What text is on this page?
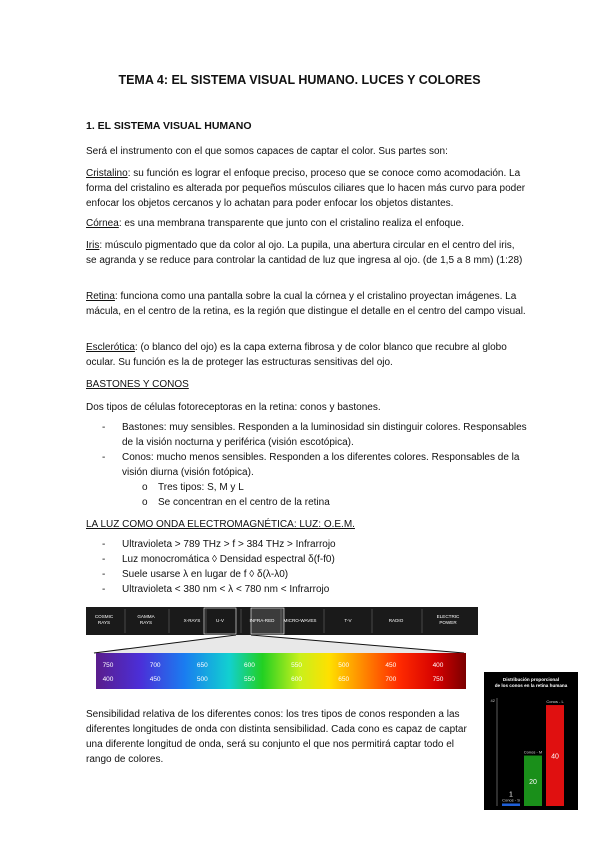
TEMA 4: EL SISTEMA VISUAL HUMANO. LUCES Y COLORES
1. EL SISTEMA VISUAL HUMANO
Será el instrumento con el que somos capaces de captar el color. Sus partes son:
Cristalino: su función es lograr el enfoque preciso, proceso que se conoce como acomodación. La forma del cristalino es alterada por pequeños músculos ciliares que lo hacen más curvo para poder enfocar los objetos cercanos y lo achatan para poder enfocar los objetos distantes.
Córnea: es una membrana transparente que junto con el cristalino realiza el enfoque.
Iris: músculo pigmentado que da color al ojo. La pupila, una abertura circular en el centro del iris, se agranda y se reduce para controlar la cantidad de luz que ingresa al ojo. (de 1,5 a 8 mm) (1:28)
Retina: funciona como una pantalla sobre la cual la córnea y el cristalino proyectan imágenes. La mácula, en el centro de la retina, es la región que distingue el detalle en el centro del campo visual.
Esclerótica: (o blanco del ojo) es la capa externa fibrosa y de color blanco que recubre al globo ocular. Su función es la de proteger las estructuras sensitivas del ojo.
BASTONES Y CONOS
Dos tipos de células fotoreceptoras en la retina: conos y bastones.
- Bastones: muy sensibles. Responden a la luminosidad sin distinguir colores. Responsables de la visión nocturna y periférica (visión escotópica).
- Conos: mucho menos sensibles. Responden a los diferentes colores. Responsables de la visión diurna (visión fotópica).
o Tres tipos: S, M y L
o Se concentran en el centro de la retina
LA LUZ COMO ONDA ELECTROMAGNÉTICA: LUZ: O.E.M.
- Ultravioleta > 789 THz > f > 384 THz > Infrarrojo
- Luz monocromática ◊ Densidad espectral δ(f-f0)
- Suele usarse λ en lugar de f ◊ δ(λ-λ0)
- Ultravioleta < 380 nm < λ < 780 nm < Infrarrojo
COSMIC RAYS
GAMMA RAYS	X-RAYS	U-V	INFRA-RED MICRO-WAVES	T-V	RADIO
ELECTRIC POWER
750	700	650	600	550	500	450	400
400	450	500	550	600	650	700	750
Sensibilidad relativa de los diferentes conos: los tres tipos de conos responden a las diferentes longitudes de onda con distinta sensibilidad. Cada cono es capaz de captar una diferente longitud de onda, será su conjunto el que nos permitirá captar todo el rango de colores.
Distribución proporcional
de los conos en la retina humana
42
Conos - S
1
Conos - M
20
Conos - L
40
